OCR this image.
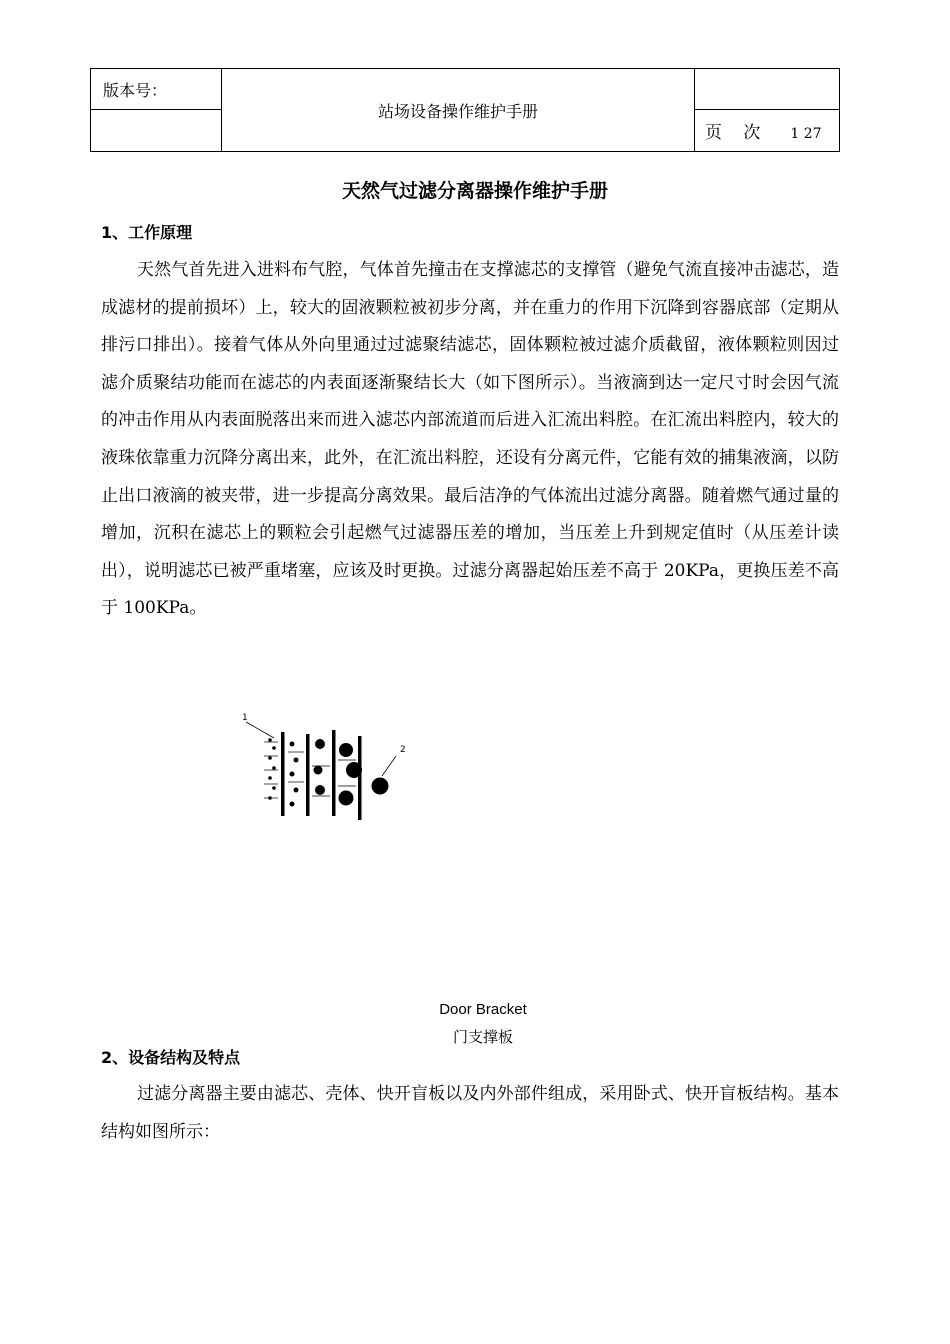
版本号：	站场设备操作维护手册	
		页 次 1 27
天然气过滤分离器操作维护手册
1、工作原理

天然气首先进入进料布气腔，气体首先撞击在支撑滤芯的支撑管（避免气流直接冲击滤芯，造成滤材的提前损坏）上，较大的固液颗粒被初步分离，并在重力的作用下沉降到容器底部（定期从排污口排出）。接着气体从外向里通过过滤聚结滤芯，固体颗粒被过滤介质截留，液体颗粒则因过滤介质聚结功能而在滤芯的内表面逐渐聚结长大（如下图所示）。当液滴到达一定尺寸时会因气流的冲击作用从内表面脱落出来而进入滤芯内部流道而后进入汇流出料腔。在汇流出料腔内，较大的液珠依靠重力沉降分离出来，此外，在汇流出料腔，还设有分离元件，它能有效的捕集液滴，以防止出口液滴的被夹带，进一步提高分离效果。最后洁净的气体流出过滤分离器。随着燃气通过量的增加，沉积在滤芯上的颗粒会引起燃气过滤器压差的增加，当压差上升到规定值时（从压差计读出），说明滤芯已被严重堵塞，应该及时更换。过滤分离器起始压差不高于 20KPa，更换压差不高于 100KPa。

1
2
Door Bracket
门支撑板
2、设备结构及特点

过滤分离器主要由滤芯、壳体、快开盲板以及内外部件组成，采用卧式、快开盲板结构。基本结构如图所示：
